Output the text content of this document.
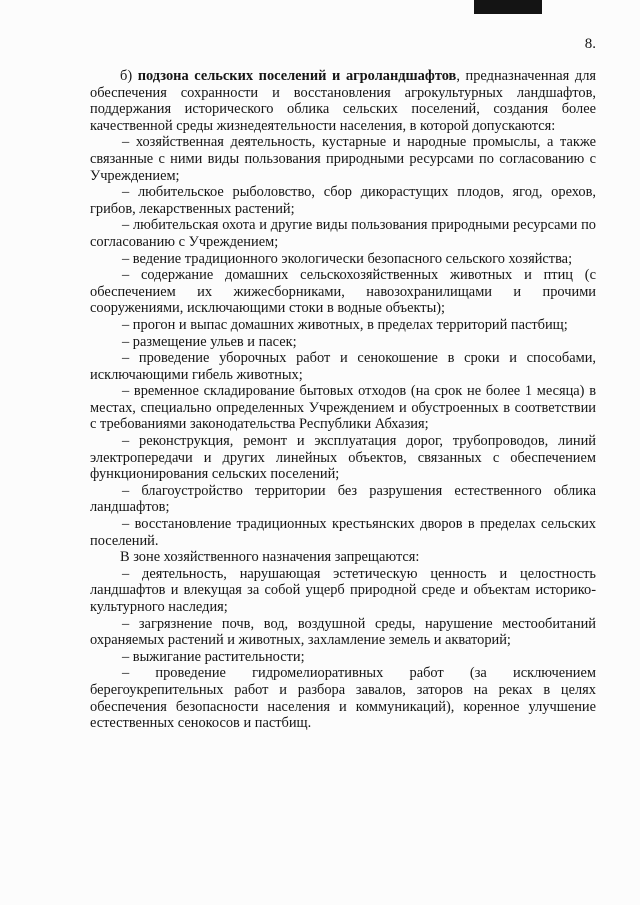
8.

б) подзона сельских поселений и агроландшафтов, предназначенная для обеспечения сохранности и восстановления агрокультурных ландшафтов, поддержания исторического облика сельских поселений, создания более качественной среды жизнедеятельности населения, в которой допускаются:

– хозяйственная деятельность, кустарные и народные промыслы, а также связанные с ними виды пользования природными ресурсами по согласованию с Учреждением;

– любительское рыболовство, сбор дикорастущих плодов, ягод, орехов, грибов, лекарственных растений;

– любительская охота и другие виды пользования природными ресурсами по согласованию с Учреждением;

– ведение традиционного экологически безопасного сельского хозяйства;

– содержание домашних сельскохозяйственных животных и птиц (с обеспечением их жижесборниками, навозохранилищами и прочими сооружениями, исключающими стоки в водные объекты);

– прогон и выпас домашних животных, в пределах территорий пастбищ;

– размещение ульев и пасек;

– проведение уборочных работ и сенокошение в сроки и способами, исключающими гибель животных;

– временное складирование бытовых отходов (на срок не более 1 месяца) в местах, специально определенных Учреждением и обустроенных в соответствии с требованиями законодательства Республики Абхазия;

– реконструкция, ремонт и эксплуатация дорог, трубопроводов, линий электропередачи и других линейных объектов, связанных с обеспечением функционирования сельских поселений;

– благоустройство территории без разрушения естественного облика ландшафтов;

– восстановление традиционных крестьянских дворов в пределах сельских поселений.

В зоне хозяйственного назначения запрещаются:

– деятельность, нарушающая эстетическую ценность и целостность ландшафтов и влекущая за собой ущерб природной среде и объектам историко-культурного наследия;

– загрязнение почв, вод, воздушной среды, нарушение местообитаний охраняемых растений и животных, захламление земель и акваторий;

– выжигание растительности;

– проведение гидромелиоративных работ (за исключением берегоукрепительных работ и разбора завалов, заторов на реках в целях обеспечения безопасности населения и коммуникаций), коренное улучшение естественных сенокосов и пастбищ.
